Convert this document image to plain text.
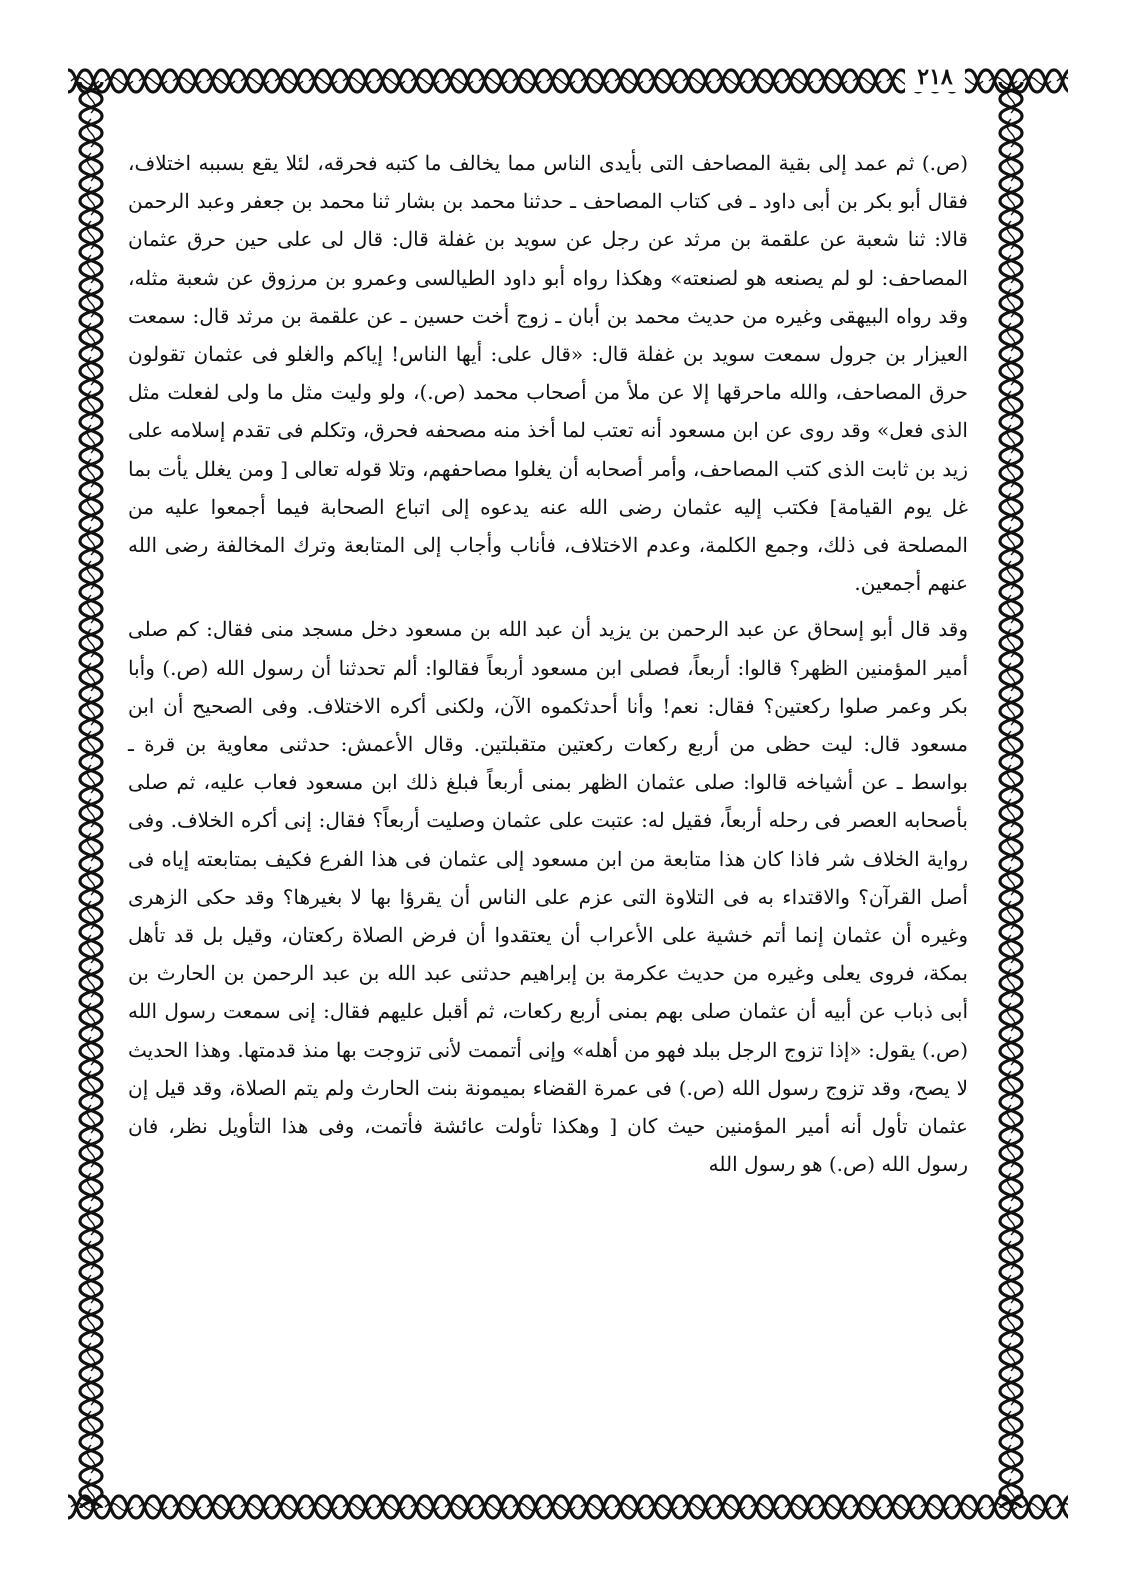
٢١٨

(ص.) ثم عمد إلى بقية المصاحف التى بأيدى الناس مما يخالف ما كتبه فحرقه، لئلا يقع بسببه اختلاف، فقال أبو بكر بن أبى داود ـ فى كتاب المصاحف ـ حدثنا محمد بن بشار ثنا محمد بن جعفر وعبد الرحمن قالا: ثنا شعبة عن علقمة بن مرثد عن رجل عن سويد بن غفلة قال: قال لى على حين حرق عثمان المصاحف: لو لم يصنعه هو لصنعته» وهكذا رواه أبو داود الطيالسى وعمرو بن مرزوق عن شعبة مثله، وقد رواه البيهقى وغيره من حديث محمد بن أبان ـ زوج أخت حسين ـ عن علقمة بن مرثد قال: سمعت العيزار بن جرول سمعت سويد بن غفلة قال: «قال على: أيها الناس! إياكم والغلو فى عثمان تقولون حرق المصاحف، والله ماحرقها إلا عن ملأ من أصحاب محمد (ص.)، ولو وليت مثل ما ولى لفعلت مثل الذى فعل» وقد روى عن ابن مسعود أنه تعتب لما أخذ منه مصحفه فحرق، وتكلم فى تقدم إسلامه على زيد بن ثابت الذى كتب المصاحف، وأمر أصحابه أن يغلوا مصاحفهم، وتلا قوله تعالى [ ومن يغلل يأت بما غل يوم القيامة] فكتب إليه عثمان رضى الله عنه يدعوه إلى اتباع الصحابة فيما أجمعوا عليه من المصلحة فى ذلك، وجمع الكلمة، وعدم الاختلاف، فأناب وأجاب إلى المتابعة وترك المخالفة رضى الله عنهم أجمعين.

وقد قال أبو إسحاق عن عبد الرحمن بن يزيد أن عبد الله بن مسعود دخل مسجد منى فقال: كم صلى أمير المؤمنين الظهر؟ قالوا: أربعاً، فصلى ابن مسعود أربعاً فقالوا: ألم تحدثنا أن رسول الله (ص.) وأبا بكر وعمر صلوا ركعتين؟ فقال: نعم! وأنا أحدثكموه الآن، ولكنى أكره الاختلاف. وفى الصحيح أن ابن مسعود قال: ليت حظى من أربع ركعات ركعتين متقبلتين. وقال الأعمش: حدثنى معاوية بن قرة ـ بواسط ـ عن أشياخه قالوا: صلى عثمان الظهر بمنى أربعاً فبلغ ذلك ابن مسعود فعاب عليه، ثم صلى بأصحابه العصر فى رحله أربعاً، فقيل له: عتبت على عثمان وصليت أربعاً؟ فقال: إنى أكره الخلاف. وفى رواية الخلاف شر فاذا كان هذا متابعة من ابن مسعود إلى عثمان فى هذا الفرع فكيف بمتابعته إياه فى أصل القرآن؟ والاقتداء به فى التلاوة التى عزم على الناس أن يقرؤا بها لا بغيرها؟ وقد حكى الزهرى وغيره أن عثمان إنما أتم خشية على الأعراب أن يعتقدوا أن فرض الصلاة ركعتان، وقيل بل قد تأهل بمكة، فروى يعلى وغيره من حديث عكرمة بن إبراهيم حدثنى عبد الله بن عبد الرحمن بن الحارث بن أبى ذباب عن أبيه أن عثمان صلى بهم بمنى أربع ركعات، ثم أقبل عليهم فقال: إنى سمعت رسول الله (ص.) يقول: «إذا تزوج الرجل ببلد فهو من أهله» وإنى أتممت لأنى تزوجت بها منذ قدمتها. وهذا الحديث لا يصح، وقد تزوج رسول الله (ص.) فى عمرة القضاء بميمونة بنت الحارث ولم يتم الصلاة، وقد قيل إن عثمان تأول أنه أمير المؤمنين حيث كان [ وهكذا تأولت عائشة فأتمت، وفى هذا التأويل نظر، فان رسول الله (ص.) هو رسول الله
